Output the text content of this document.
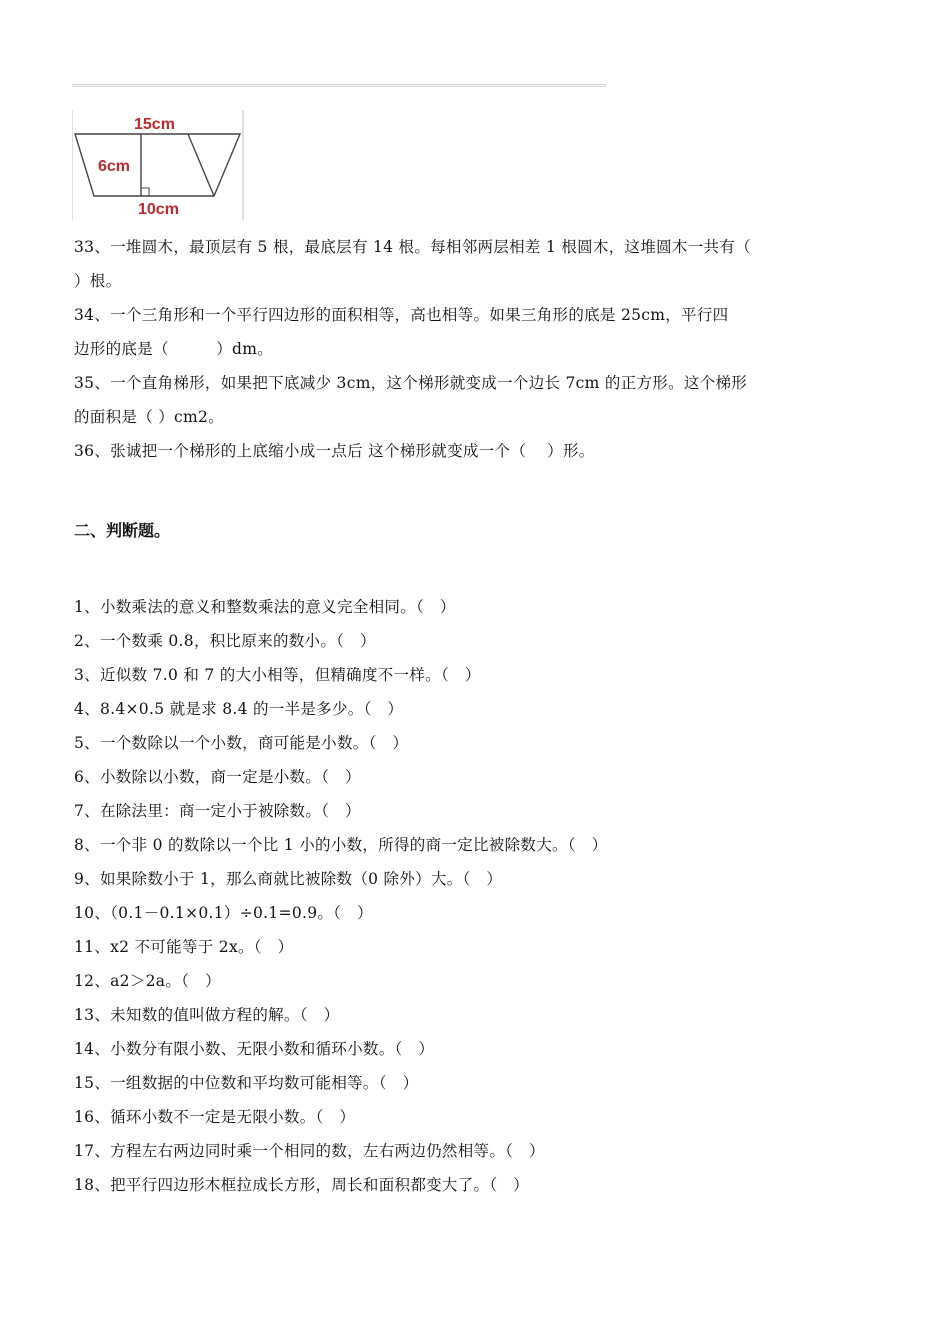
15cm
6cm
10cm
33、一堆圆木，最顶层有 5 根，最底层有 14 根。每相邻两层相差 1 根圆木，这堆圆木一共有（
）根。
34、一个三角形和一个平行四边形的面积相等，高也相等。如果三角形的底是 25cm，平行四
边形的底是（　　　）dm。
35、一个直角梯形，如果把下底减少 3cm，这个梯形就变成一个边长 7cm 的正方形。这个梯形
的面积是（ ）cm2。
36、张诚把一个梯形的上底缩小成一点后 这个梯形就变成一个（　 ）形。
二、判断题。
1、小数乘法的意义和整数乘法的意义完全相同。（　）
2、一个数乘 0.8，积比原来的数小。（　）
3、近似数 7.0 和 7 的大小相等，但精确度不一样。（　）
4、8.4×0.5 就是求 8.4 的一半是多少。（　）
5、一个数除以一个小数，商可能是小数。（　）
6、小数除以小数，商一定是小数。（　）
7、在除法里：商一定小于被除数。（　）
8、一个非 0 的数除以一个比 1 小的小数，所得的商一定比被除数大。（　）
9、如果除数小于 1，那么商就比被除数（0 除外）大。（　）
10、（0.1－0.1×0.1）÷0.1=0.9。（　）
11、x2 不可能等于 2x。（　）
12、a2＞2a。（　）
13、未知数的值叫做方程的解。（　）
14、小数分有限小数、无限小数和循环小数。（　）
15、一组数据的中位数和平均数可能相等。（　）
16、循环小数不一定是无限小数。（　）
17、方程左右两边同时乘一个相同的数，左右两边仍然相等。（　）
18、把平行四边形木框拉成长方形，周长和面积都变大了。（　）
